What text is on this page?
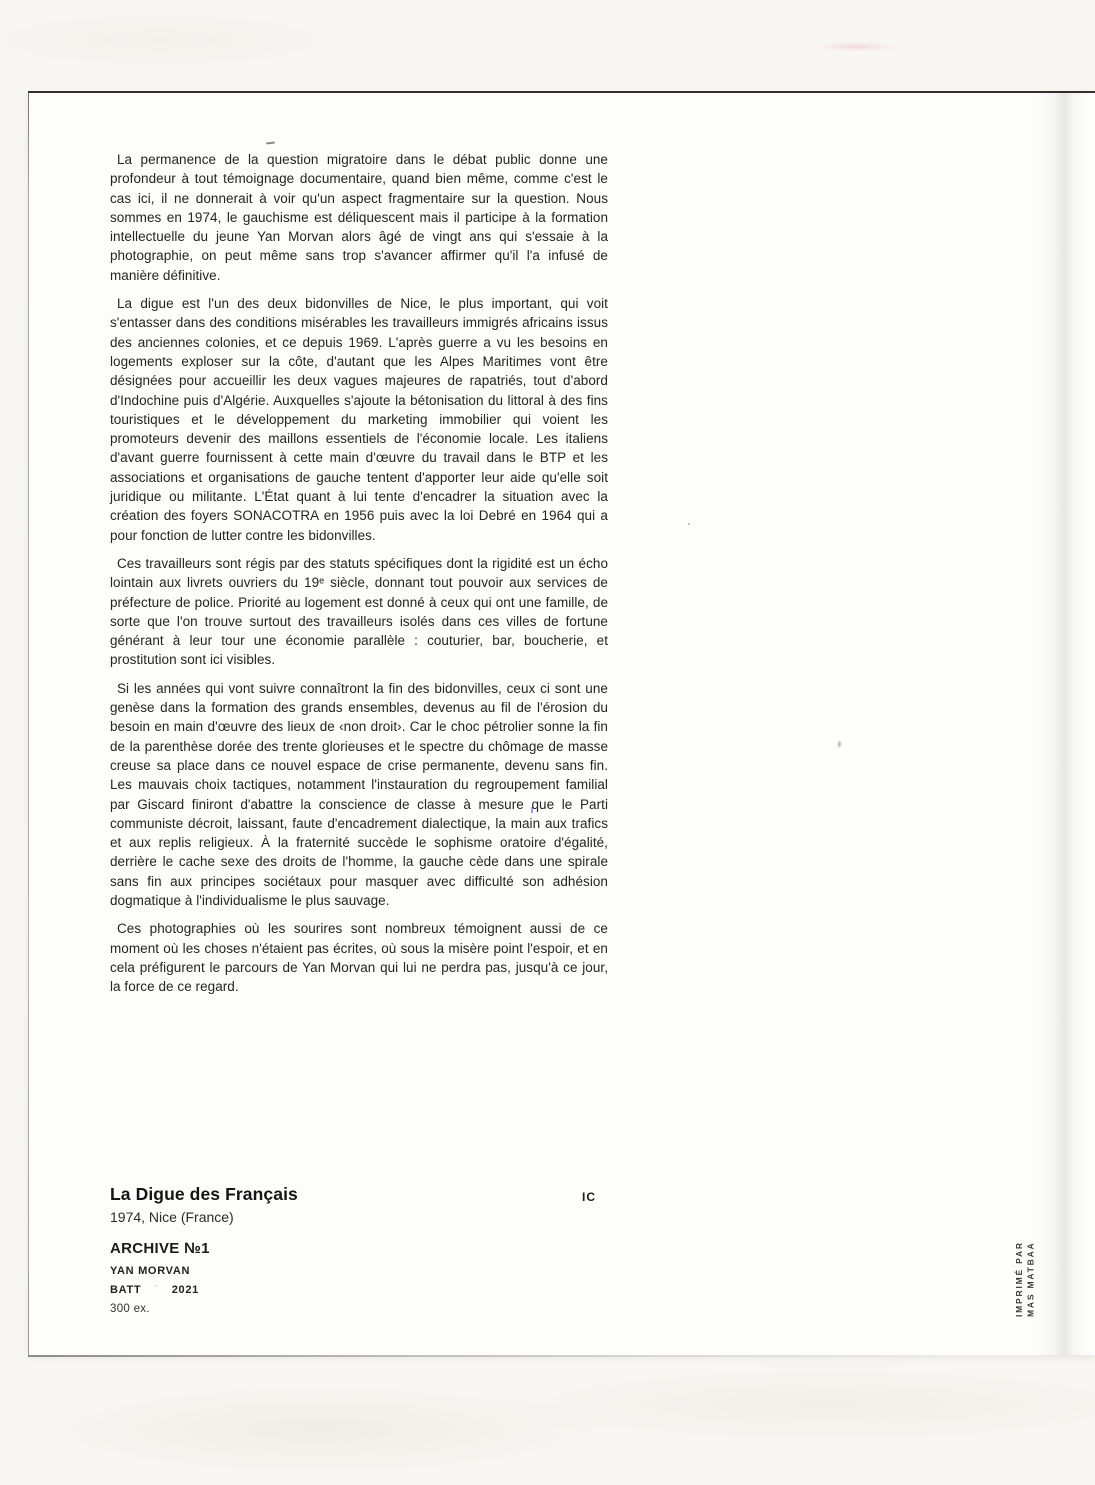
La permanence de la question migratoire dans le débat public donne une profondeur à tout témoignage documentaire, quand bien même, comme c'est le cas ici, il ne donnerait à voir qu'un aspect fragmentaire sur la question. Nous sommes en 1974, le gauchisme est déliquescent mais il participe à la formation intellectuelle du jeune Yan Morvan alors âgé de vingt ans qui s'essaie à la photographie, on peut même sans trop s'avancer affirmer qu'il l'a infusé de manière définitive.

La digue est l'un des deux bidonvilles de Nice, le plus important, qui voit s'entasser dans des conditions misérables les travailleurs immigrés africains issus des anciennes colonies, et ce depuis 1969. L'après guerre a vu les besoins en logements exploser sur la côte, d'autant que les Alpes Maritimes vont être désignées pour accueillir les deux vagues majeures de rapatriés, tout d'abord d'Indochine puis d'Algérie. Auxquelles s'ajoute la bétonisation du littoral à des fins touristiques et le développement du marketing immobilier qui voient les promoteurs devenir des maillons essentiels de l'économie locale. Les italiens d'avant guerre fournissent à cette main d'œuvre du travail dans le BTP et les associations et organisations de gauche tentent d'apporter leur aide qu'elle soit juridique ou militante. L'État quant à lui tente d'encadrer la situation avec la création des foyers SONACOTRA en 1956 puis avec la loi Debré en 1964 qui a pour fonction de lutter contre les bidonvilles.

Ces travailleurs sont régis par des statuts spécifiques dont la rigidité est un écho lointain aux livrets ouvriers du 19ᵉ siècle, donnant tout pouvoir aux services de préfecture de police. Priorité au logement est donné à ceux qui ont une famille, de sorte que l'on trouve surtout des travailleurs isolés dans ces villes de fortune générant à leur tour une économie parallèle : couturier, bar, boucherie, et prostitution sont ici visibles.

Si les années qui vont suivre connaîtront la fin des bidonvilles, ceux ci sont une genèse dans la formation des grands ensembles, devenus au fil de l'érosion du besoin en main d'œuvre des lieux de ‹non droit›. Car le choc pétrolier sonne la fin de la parenthèse dorée des trente glorieuses et le spectre du chômage de masse creuse sa place dans ce nouvel espace de crise permanente, devenu sans fin. Les mauvais choix tactiques, notamment l'instauration du regroupement familial par Giscard finiront d'abattre la conscience de classe à mesure que le Parti communiste décroit, laissant, faute d'encadrement dialectique, la main aux trafics et aux replis religieux. À la fraternité succède le sophisme oratoire d'égalité, derrière le cache sexe des droits de l'homme, la gauche cède dans une spirale sans fin aux principes sociétaux pour masquer avec difficulté son adhésion dogmatique à l'individualisme le plus sauvage.

Ces photographies où les sourires sont nombreux témoignent aussi de ce moment où les choses n'étaient pas écrites, où sous la misère point l'espoir, et en cela préfigurent le parcours de Yan Morvan qui lui ne perdra pas, jusqu'à ce jour, la force de ce regard.

La Digue des Français
1974, Nice (France)
ARCHIVE №1
YAN MORVAN
BATT ˊ 2021
300 ex.
IC
IMPRIMÉ PAR MAS MATBAA
